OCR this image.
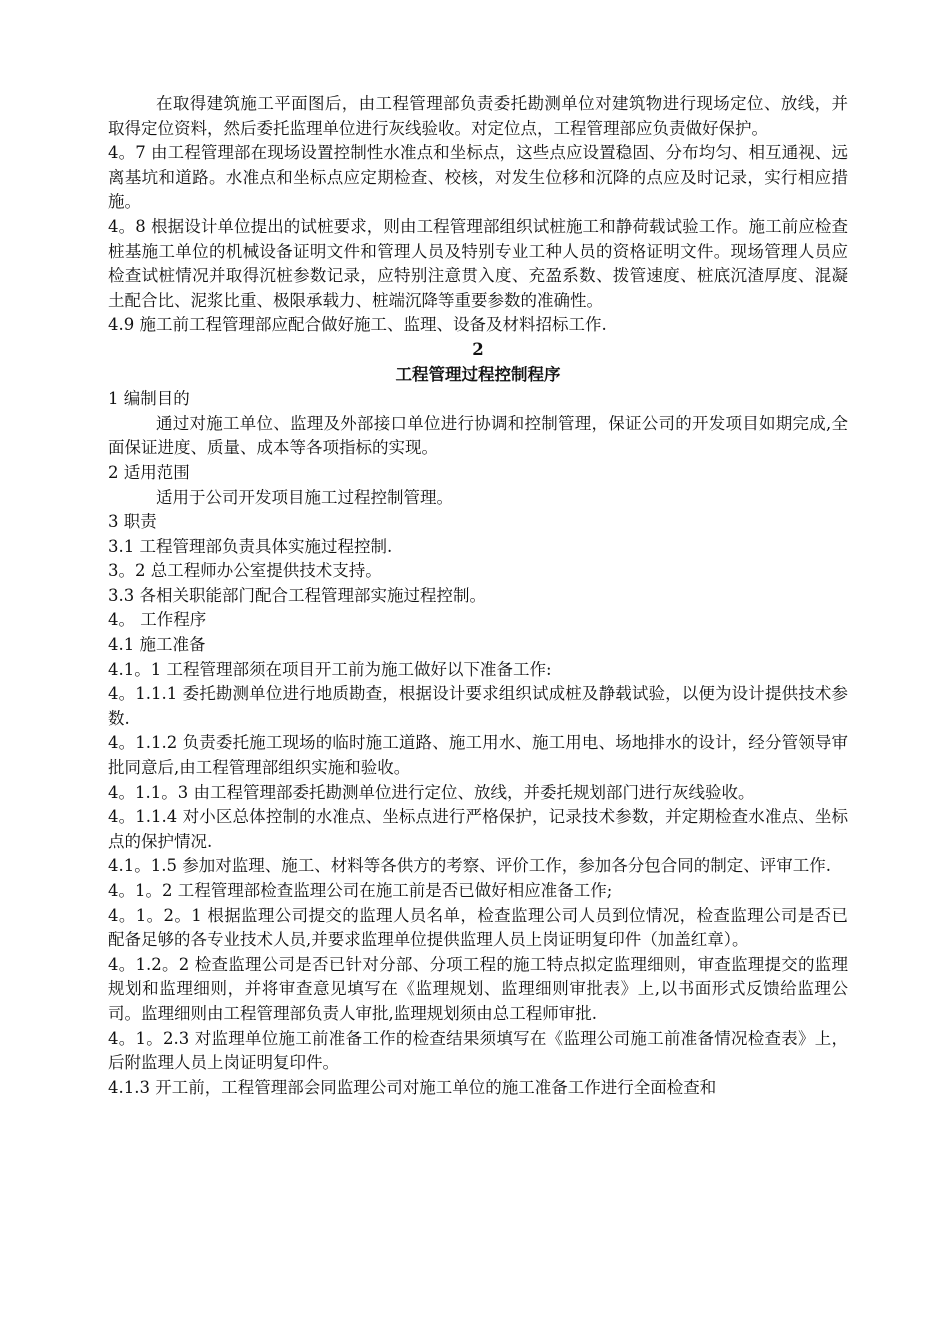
在取得建筑施工平面图后，由工程管理部负责委托勘测单位对建筑物进行现场定位、放线，并取得定位资料，然后委托监理单位进行灰线验收。对定位点，工程管理部应负责做好保护。

4。7 由工程管理部在现场设置控制性水准点和坐标点，这些点应设置稳固、分布均匀、相互通视、远离基坑和道路。水准点和坐标点应定期检查、校核，对发生位移和沉降的点应及时记录，实行相应措施。

4。8 根据设计单位提出的试桩要求，则由工程管理部组织试桩施工和静荷载试验工作。施工前应检查桩基施工单位的机械设备证明文件和管理人员及特别专业工种人员的资格证明文件。现场管理人员应检查试桩情况并取得沉桩参数记录，应特别注意贯入度、充盈系数、拨管速度、桩底沉渣厚度、混凝土配合比、泥浆比重、极限承载力、桩端沉降等重要参数的准确性。

4.9 施工前工程管理部应配合做好施工、监理、设备及材料招标工作.

2

工程管理过程控制程序

1 编制目的

通过对施工单位、监理及外部接口单位进行协调和控制管理，保证公司的开发项目如期完成,全面保证进度、质量、成本等各项指标的实现。

2 适用范围

适用于公司开发项目施工过程控制管理。

3 职责

3.1 工程管理部负责具体实施过程控制.

3。2 总工程师办公室提供技术支持。

3.3 各相关职能部门配合工程管理部实施过程控制。

4。 工作程序

4.1 施工准备

4.1。1 工程管理部须在项目开工前为施工做好以下准备工作:

4。1.1.1 委托勘测单位进行地质勘查，根据设计要求组织试成桩及静载试验，以便为设计提供技术参数.

4。1.1.2 负责委托施工现场的临时施工道路、施工用水、施工用电、场地排水的设计，经分管领导审批同意后,由工程管理部组织实施和验收。

4。1.1。3 由工程管理部委托勘测单位进行定位、放线，并委托规划部门进行灰线验收。

4。1.1.4 对小区总体控制的水准点、坐标点进行严格保护，记录技术参数，并定期检查水准点、坐标点的保护情况.

4.1。1.5 参加对监理、施工、材料等各供方的考察、评价工作，参加各分包合同的制定、评审工作.

4。1。2 工程管理部检查监理公司在施工前是否已做好相应准备工作;

4。1。2。1 根据监理公司提交的监理人员名单，检查监理公司人员到位情况，检查监理公司是否已配备足够的各专业技术人员,并要求监理单位提供监理人员上岗证明复印件（加盖红章）。

4。1.2。2 检查监理公司是否已针对分部、分项工程的施工特点拟定监理细则，审查监理提交的监理规划和监理细则，并将审查意见填写在《监理规划、监理细则审批表》上,以书面形式反馈给监理公司。监理细则由工程管理部负责人审批,监理规划须由总工程师审批.

4。1。2.3 对监理单位施工前准备工作的检查结果须填写在《监理公司施工前准备情况检查表》上，后附监理人员上岗证明复印件。

4.1.3 开工前，工程管理部会同监理公司对施工单位的施工准备工作进行全面检查和
